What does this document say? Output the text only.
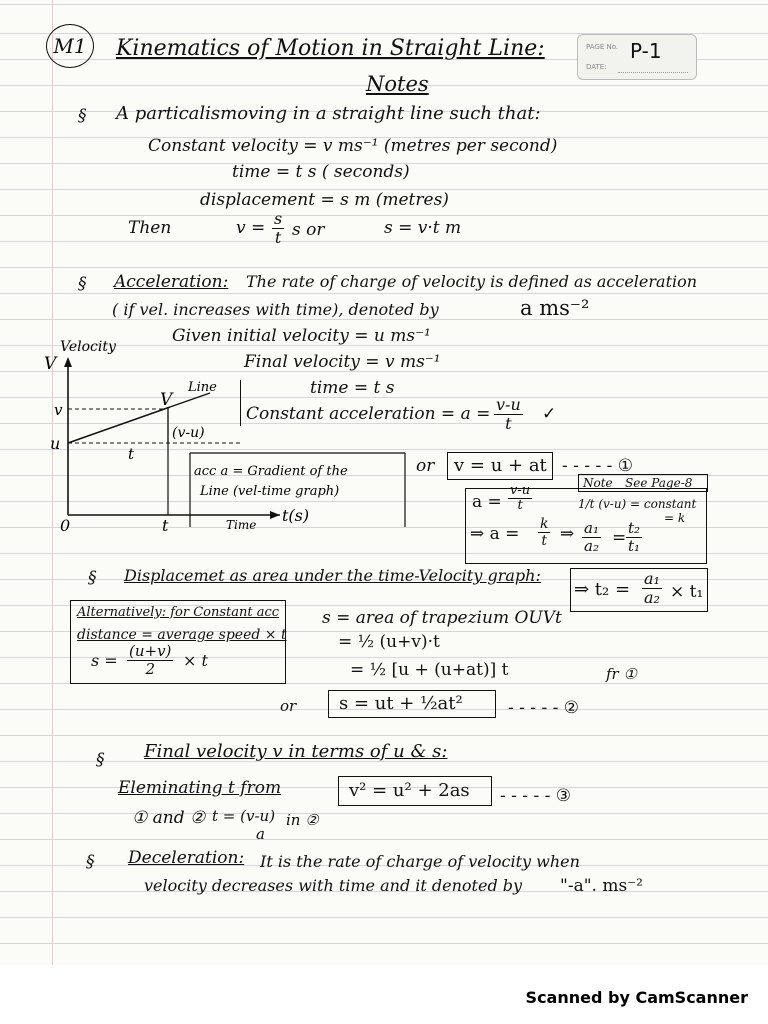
M1	Kinematics of Motion in Straight Line:
Notes
PAGE No.
DATE:
P-1
§ A particalismoving in a straight line such that:
Constant velocity = v ms⁻¹ (metres per second)
time = t s ( seconds)
displacement = s m (metres)
Then	$v = \frac{s}{t}$ s or	s = v·t m
§ Acceleration: The rate of charge of velocity is defined as acceleration
( if vel. increases with time), denoted by	a ms⁻²
Given initial velocity = u ms⁻¹
Final velocity = v ms⁻¹
time = t s
Constant acceleration = $a = \frac{v-u}{t}$ ✓
Velocity
V
v
u
V
Line
(v-u)
t
0	t	Time t(s)
acc a = Gradient of the
Line (vel-time graph)
or v = u + at - - - - - ①
Note See Page-8
1/t (v-u) = constant
= k
$a = \frac{v-u}{t}$
⇒ $a = \frac{k}{t}$ ⇒ $\frac{\text{a₁}}{\text{a₂}} = \frac{\text{t₂}}{\text{t₁}}$
⇒ $t_2 = \frac{\text{a₁}}{\text{a₂}} \times t_1$
§ Displacemet as area under the time-Velocity graph:
Alternatively: for Constant acc
distance = average speed × t
$s = \frac{(u+v)}{2} \times t$
s = area of trapezium OUVt
= ½ (u+v)·t
= ½ [u + (u+at)] t	fr ①
or s = ut + ½at²	- - - - - ②
§ Final velocity v in terms of u & s:
Eleminating t from	v² = u² + 2as - - - - - ③
① and ② t = (v-u)
a
in ②
§ Deceleration: It is the rate of charge of velocity when
velocity decreases with time and it denoted by "-a". ms⁻²
Scanned by CamScanner
